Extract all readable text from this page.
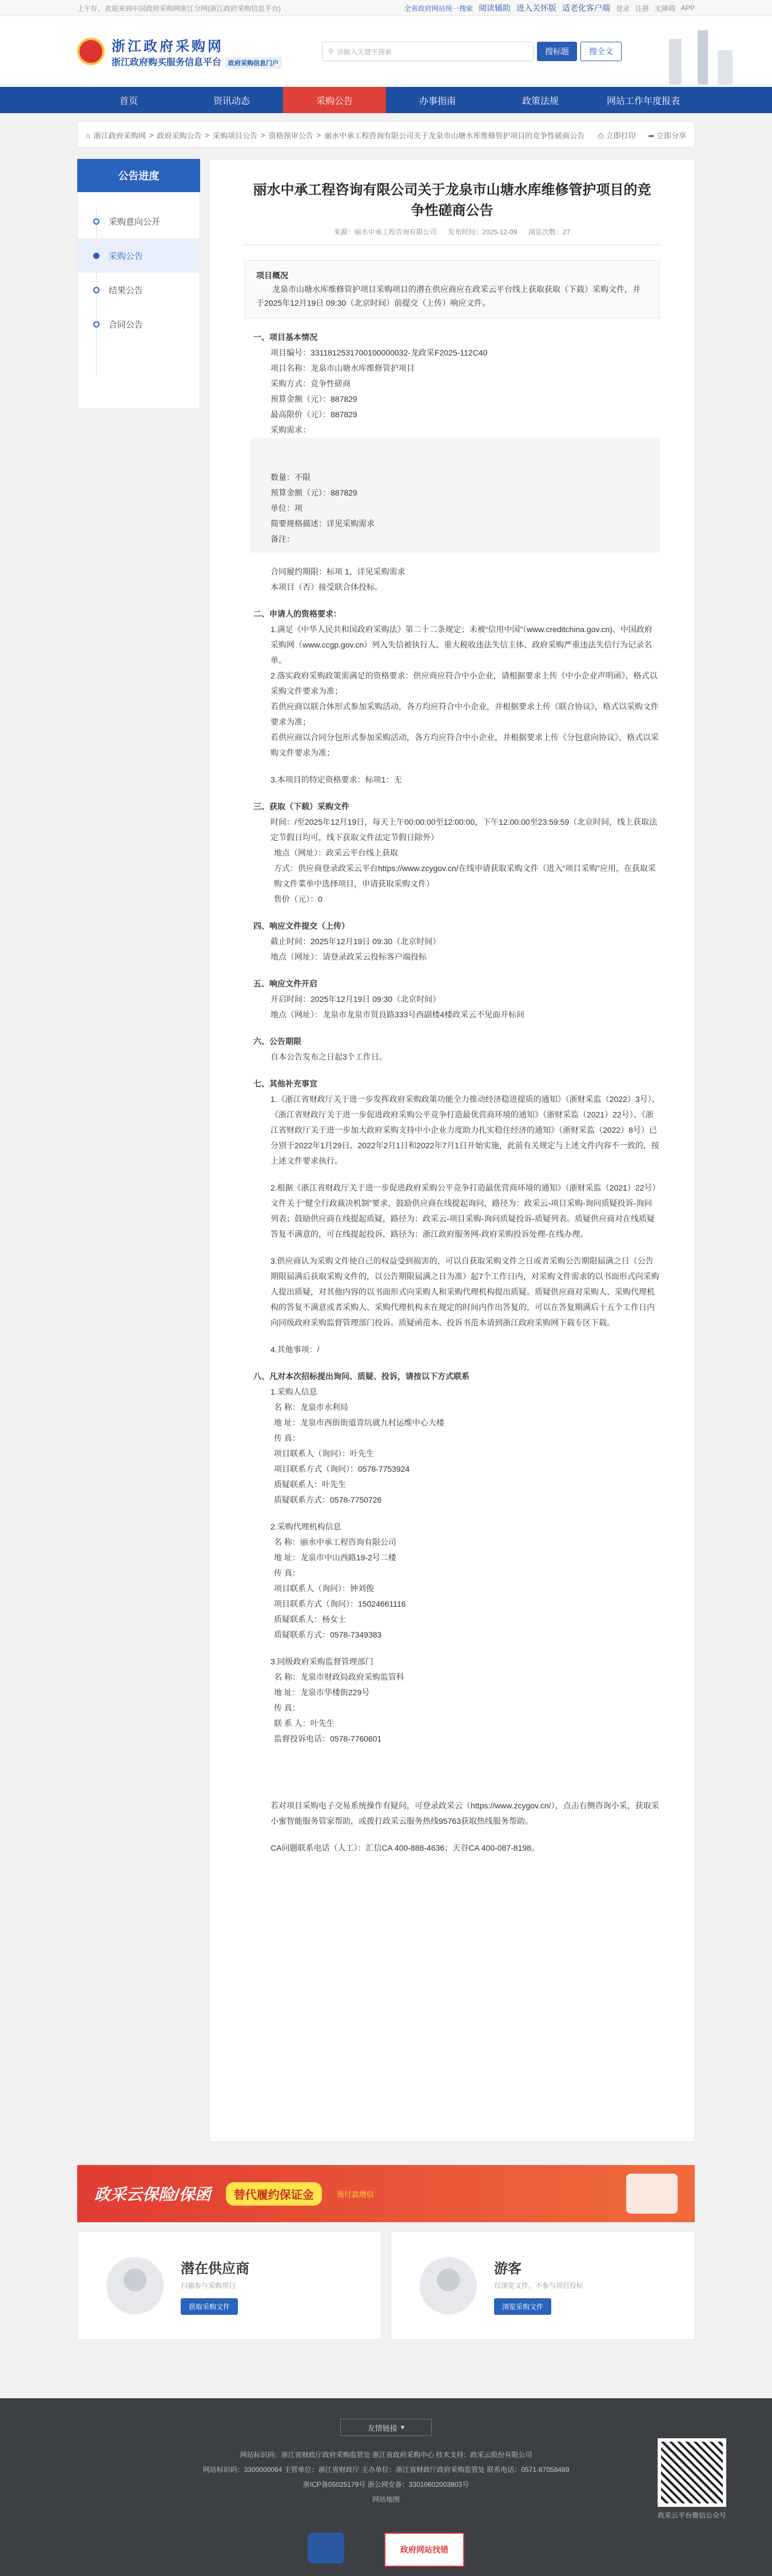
上午好，欢迎来到中国政府采购网浙江分网(浙江政府采购信息平台)	全省政府网站统一搜索 阅读辅助 进入关怀版 适老化客户端 登录 注册 无障碍 APP
浙江政府采购网
浙江政府购买服务信息平台 政府采购信息门户
⚲ 请输入关键字搜索	搜标题	搜全文
首页	资讯动态	采购公告	办事指南	政策法规	网站工作年度报表
⌂ 浙江政府采购网 > 政府采购公告 > 采购项目公告 > 资格预审公告 > 丽水中承工程咨询有限公司关于龙泉市山塘水库维修管护项目的竞争性磋商公告 ⎙ 立即打印 ➦ 立即分享
公告进度
采购意向公开
采购公告
结果公告
合同公告
丽水中承工程咨询有限公司关于龙泉市山塘水库维修管护项目的竞争性磋商公告
来源：丽水中承工程咨询有限公司 发布时间：2025-12-09 浏览次数：27
项目概况
龙泉市山塘水库维修管护项目采购项目的潜在供应商应在政采云平台线上获取获取（下载）采购文件，并于2025年12月19日 09:30（北京时间）前提交（上传）响应文件。
一、项目基本情况
项目编号：3311812531700100000032-龙政采F2025-112C40
项目名称：龙泉市山塘水库维修管护项目
采购方式：竞争性磋商
预算金额（元）：887829
最高限价（元）：887829
采购需求：
数量：不限
预算金额（元）：887829
单位：项
简要规格描述：详见采购需求
备注：
合同履约期限：标项 1，详见采购需求
本项目（否）接受联合体投标。
二、申请人的资格要求：
1.满足《中华人民共和国政府采购法》第二十二条规定；未被“信用中国”（www.creditchina.gov.cn)、中国政府采购网（www.ccgp.gov.cn）列入失信被执行人、重大税收违法失信主体、政府采购严重违法失信行为记录名单。
2.落实政府采购政策需满足的资格要求：供应商应符合中小企业，请根据要求上传《中小企业声明函》，格式以采购文件要求为准；
若供应商以联合体形式参加采购活动，各方均应符合中小企业，并根据要求上传《联合协议》，格式以采购文件要求为准；
若供应商以合同分包形式参加采购活动，各方均应符合中小企业，并根据要求上传《分包意向协议》，格式以采购文件要求为准；
3.本项目的特定资格要求：标项1：无
三、获取（下载）采购文件
时间：/至2025年12月19日，每天上午00:00:00至12:00:00，下午12:00:00至23:59:59（北京时间，线上获取法定节假日均可，线下获取文件法定节假日除外）
地点（网址）：政采云平台线上获取
方式：供应商登录政采云平台https://www.zcygov.cn/在线申请获取采购文件（进入“项目采购”应用，在获取采购文件菜单中选择项目，申请获取采购文件）
售价（元）：0
四、响应文件提交（上传）
截止时间：2025年12月19日 09:30（北京时间）
地点（网址）：请登录政采云投标客户端投标
五、响应文件开启
开启时间：2025年12月19日 09:30（北京时间）
地点（网址）：龙泉市龙泉市贤良路333号西副楼4楼政采云不见面开标间
六、公告期限
自本公告发布之日起3个工作日。
七、其他补充事宜
1.《浙江省财政厅关于进一步发挥政府采购政策功能全力推动经济稳进提质的通知》（浙财采监（2022）3号）、《浙江省财政厅关于进一步促进政府采购公平竞争打造最优营商环境的通知》（浙财采监（2021）22号）、《浙江省财政厅关于进一步加大政府采购支持中小企业力度助力扎实稳住经济的通知》（浙财采监（2022）8号）已分别于2022年1月29日、2022年2月1日和2022年7月1日开始实施，此前有关规定与上述文件内容不一致的，按上述文件要求执行。
2.根据《浙江省财政厅关于进一步促进政府采购公平竞争打造最优营商环境的通知》（浙财采监（2021）22号）文件关于“健全行政裁决机制”要求，鼓励供应商在线提起询问，路径为：政采云-项目采购-询问质疑投诉-询问列表；鼓励供应商在线提起质疑，路径为：政采云-项目采购-询问质疑投诉-质疑列表。质疑供应商对在线质疑答复不满意的，可在线提起投诉，路径为：浙江政府服务网-政府采购投诉处理-在线办理。
3.供应商认为采购文件使自己的权益受到损害的，可以自获取采购文件之日或者采购公告期限届满之日（公告期限届满后获取采购文件的，以公告期限届满之日为准）起7个工作日内，对采购文件需求的以书面形式向采购人提出质疑，对其他内容的以书面形式向采购人和采购代理机构提出质疑。质疑供应商对采购人、采购代理机构的答复不满意或者采购人、采购代理机构未在规定的时间内作出答复的，可以在答复期满后十五个工作日内向同级政府采购监督管理部门投诉。质疑函范本、投诉书范本请到浙江政府采购网下载专区下载。
4.其他事项：/
八、凡对本次招标提出询问、质疑、投诉，请按以下方式联系
1.采购人信息
名 称：龙泉市水利局
地 址：龙泉市西街街道青坑就九村运维中心大楼
传 真：
项目联系人（询问）：叶先生
项目联系方式（询问）：0578-7753924
质疑联系人：叶先生
质疑联系方式：0578-7750726
2.采购代理机构信息
名 称：丽水中承工程咨询有限公司
地 址：龙泉市中山西路19-2号二楼
传 真：
项目联系人（询问）：钟刘俊
项目联系方式（询问）：15024661116
质疑联系人：杨女士
质疑联系方式：0578-7349383
3.同级政府采购监督管理部门
名 称：龙泉市财政局政府采购监管科
地 址：龙泉市华楼街229号
传 真：
联 系 人：叶先生
监督投诉电话：0578-7760601
若对项目采购电子交易系统操作有疑问，可登录政采云（https://www.zcygov.cn/），点击右侧咨询小采，获取采小蜜智能服务管家帮助，或拨打政采云服务热线95763获取热线服务帮助。
CA问题联系电话（人工）：汇信CA 400-888-4636；天谷CA 400-087-8198。
政采云保险/保函	替代履约保证金	预付款增信
潜在供应商
扫描参与采购项目
获取采购文件
游客
仅浏览文件，不参与项目投标
浏览采购文件
友情链接 ▾
网站标识码：浙江省财政厅政府采购监管处 浙江省政府采购中心 技术支持：政采云股份有限公司
网站标识码：3300000064 主管单位：浙江省财政厅 主办单位：浙江省财政厅政府采购监管处 联系电话：0571-87058489
浙ICP备05025179号 浙公网安备：33010602003803号
网站地图
政采云平台微信公众号
政府网站找错
